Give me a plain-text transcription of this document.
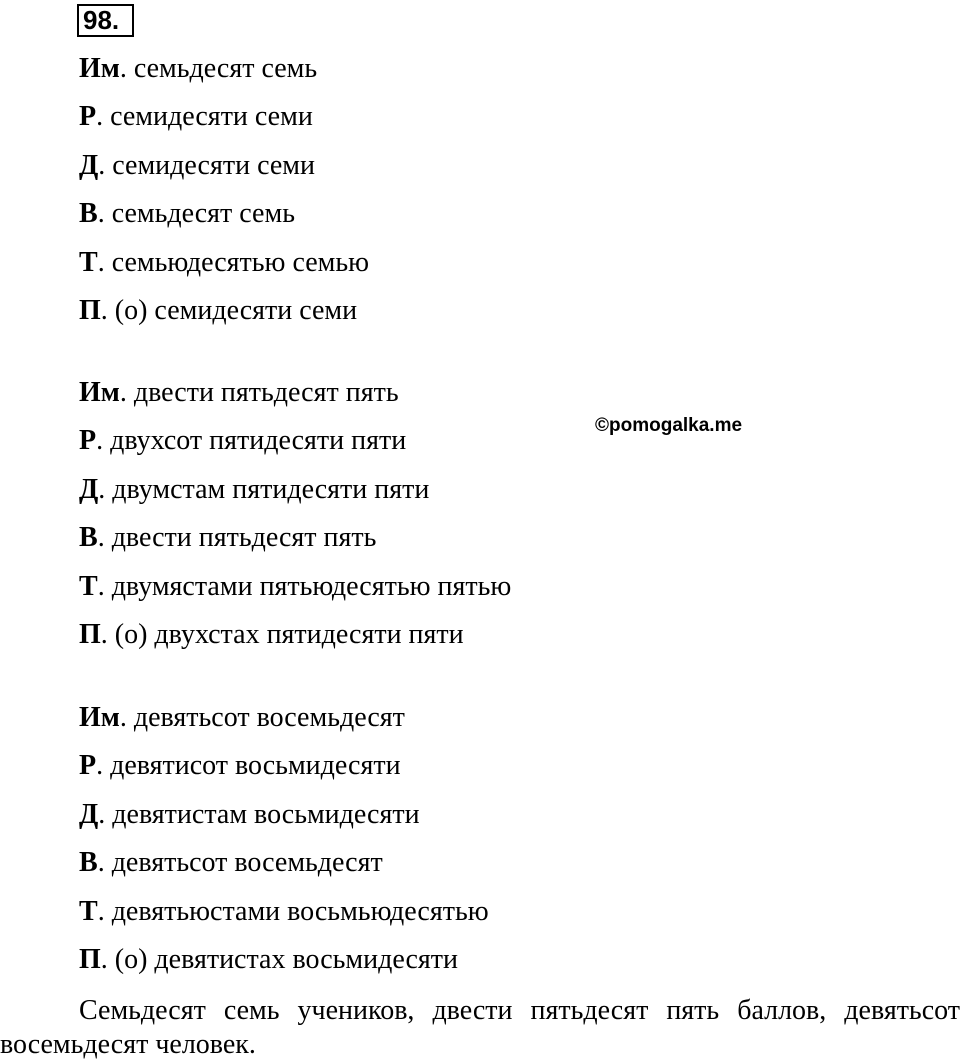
98.
Им. семьдесят семь
Р. семидесяти семи
Д. семидесяти семи
В. семьдесят семь
Т. семьюдесятью семью
П. (о) семидесяти семи
Им. двести пятьдесят пять
Р. двухсот пятидесяти пяти
Д. двумстам пятидесяти пяти
В. двести пятьдесят пять
Т. двумястами пятьюдесятью пятью
П. (о) двухстах пятидесяти пяти
©pomogalka.me
Им. девятьсот восемьдесят
Р. девятисот восьмидесяти
Д. девятистам восьмидесяти
В. девятьсот восемьдесят
Т. девятьюстами восьмьюдесятью
П. (о) девятистах восьмидесяти
Семьдесят семь учеников, двести пятьдесят пять баллов, девятьсот восемьдесят человек.
